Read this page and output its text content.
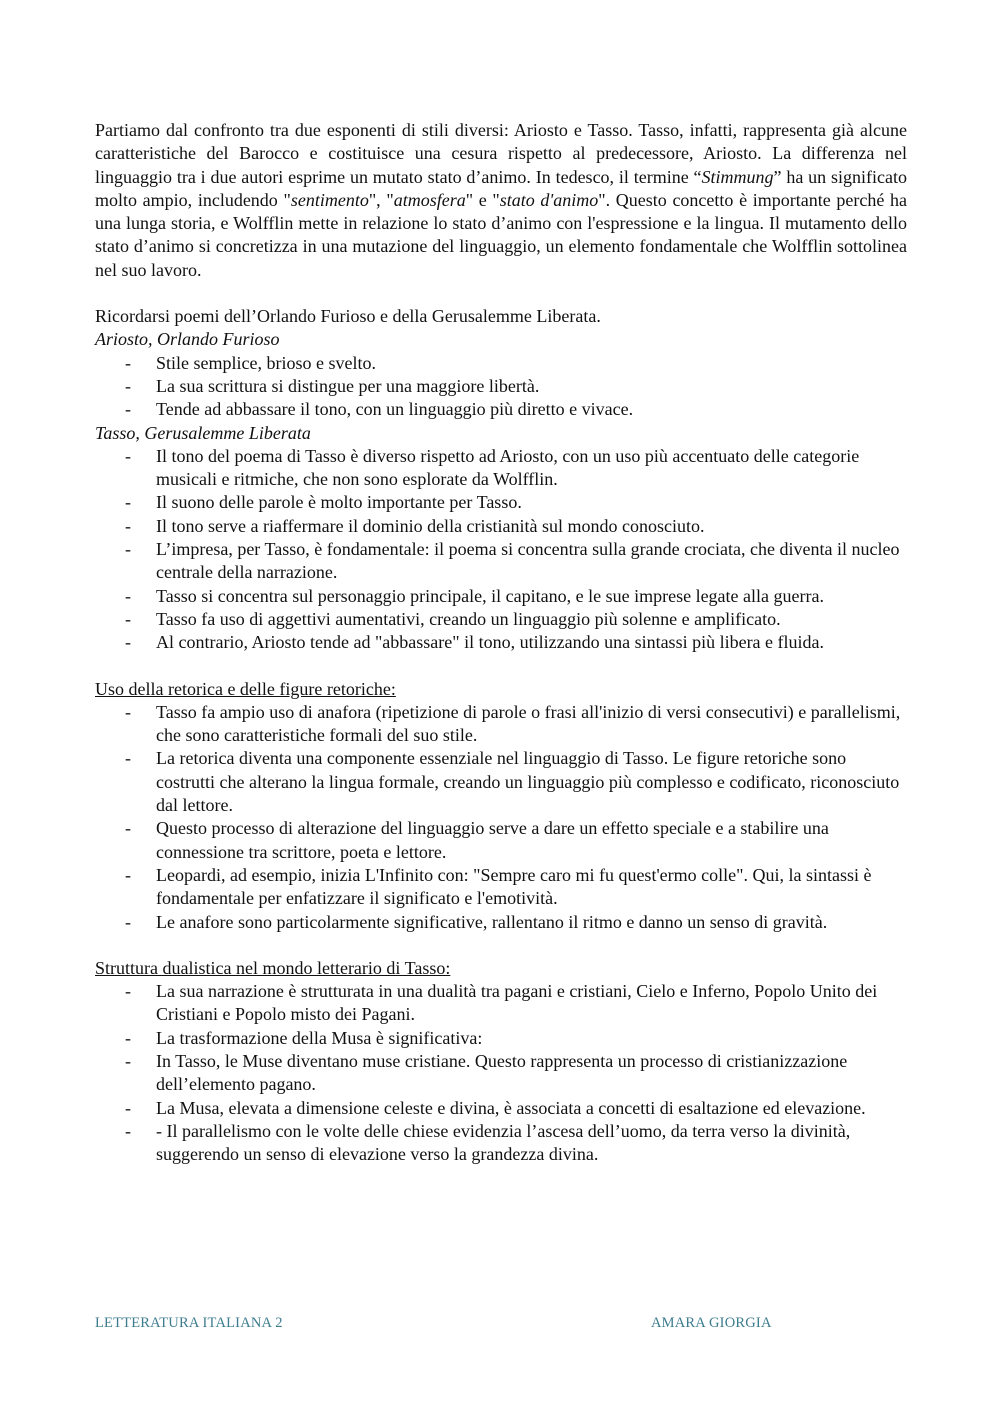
Partiamo dal confronto tra due esponenti di stili diversi: Ariosto e Tasso. Tasso, infatti, rappresenta già alcune caratteristiche del Barocco e costituisce una cesura rispetto al predecessore, Ariosto. La differenza nel linguaggio tra i due autori esprime un mutato stato d’animo. In tedesco, il termine “Stimmung” ha un significato molto ampio, includendo "sentimento", "atmosfera" e "stato d'animo". Questo concetto è importante perché ha una lunga storia, e Wolfflin mette in relazione lo stato d’animo con l'espressione e la lingua. Il mutamento dello stato d’animo si concretizza in una mutazione del linguaggio, un elemento fondamentale che Wolfflin sottolinea nel suo lavoro.

Ricordarsi poemi dell’Orlando Furioso e della Gerusalemme Liberata.

Ariosto, Orlando Furioso

- Stile semplice, brioso e svelto.
- La sua scrittura si distingue per una maggiore libertà.
- Tende ad abbassare il tono, con un linguaggio più diretto e vivace.

Tasso, Gerusalemme Liberata

- Il tono del poema di Tasso è diverso rispetto ad Ariosto, con un uso più accentuato delle categorie musicali e ritmiche, che non sono esplorate da Wolfflin.
- Il suono delle parole è molto importante per Tasso.
- Il tono serve a riaffermare il dominio della cristianità sul mondo conosciuto.
- L’impresa, per Tasso, è fondamentale: il poema si concentra sulla grande crociata, che diventa il nucleo centrale della narrazione.
- Tasso si concentra sul personaggio principale, il capitano, e le sue imprese legate alla guerra.
- Tasso fa uso di aggettivi aumentativi, creando un linguaggio più solenne e amplificato.
- Al contrario, Ariosto tende ad "abbassare" il tono, utilizzando una sintassi più libera e fluida.

Uso della retorica e delle figure retoriche:

- Tasso fa ampio uso di anafora (ripetizione di parole o frasi all'inizio di versi consecutivi) e parallelismi, che sono caratteristiche formali del suo stile.
- La retorica diventa una componente essenziale nel linguaggio di Tasso. Le figure retoriche sono costrutti che alterano la lingua formale, creando un linguaggio più complesso e codificato, riconosciuto dal lettore.
- Questo processo di alterazione del linguaggio serve a dare un effetto speciale e a stabilire una connessione tra scrittore, poeta e lettore.
- Leopardi, ad esempio, inizia L'Infinito con: "Sempre caro mi fu quest'ermo colle". Qui, la sintassi è fondamentale per enfatizzare il significato e l'emotività.
- Le anafore sono particolarmente significative, rallentano il ritmo e danno un senso di gravità.

Struttura dualistica nel mondo letterario di Tasso:

- La sua narrazione è strutturata in una dualità tra pagani e cristiani, Cielo e Inferno, Popolo Unito dei Cristiani e Popolo misto dei Pagani.
- La trasformazione della Musa è significativa:
- In Tasso, le Muse diventano muse cristiane. Questo rappresenta un processo di cristianizzazione dell’elemento pagano.
- La Musa, elevata a dimensione celeste e divina, è associata a concetti di esaltazione ed elevazione.
- - Il parallelismo con le volte delle chiese evidenzia l’ascesa dell’uomo, da terra verso la divinità, suggerendo un senso di elevazione verso la grandezza divina.
LETTERATURA ITALIANA 2	AMARA GIORGIA
